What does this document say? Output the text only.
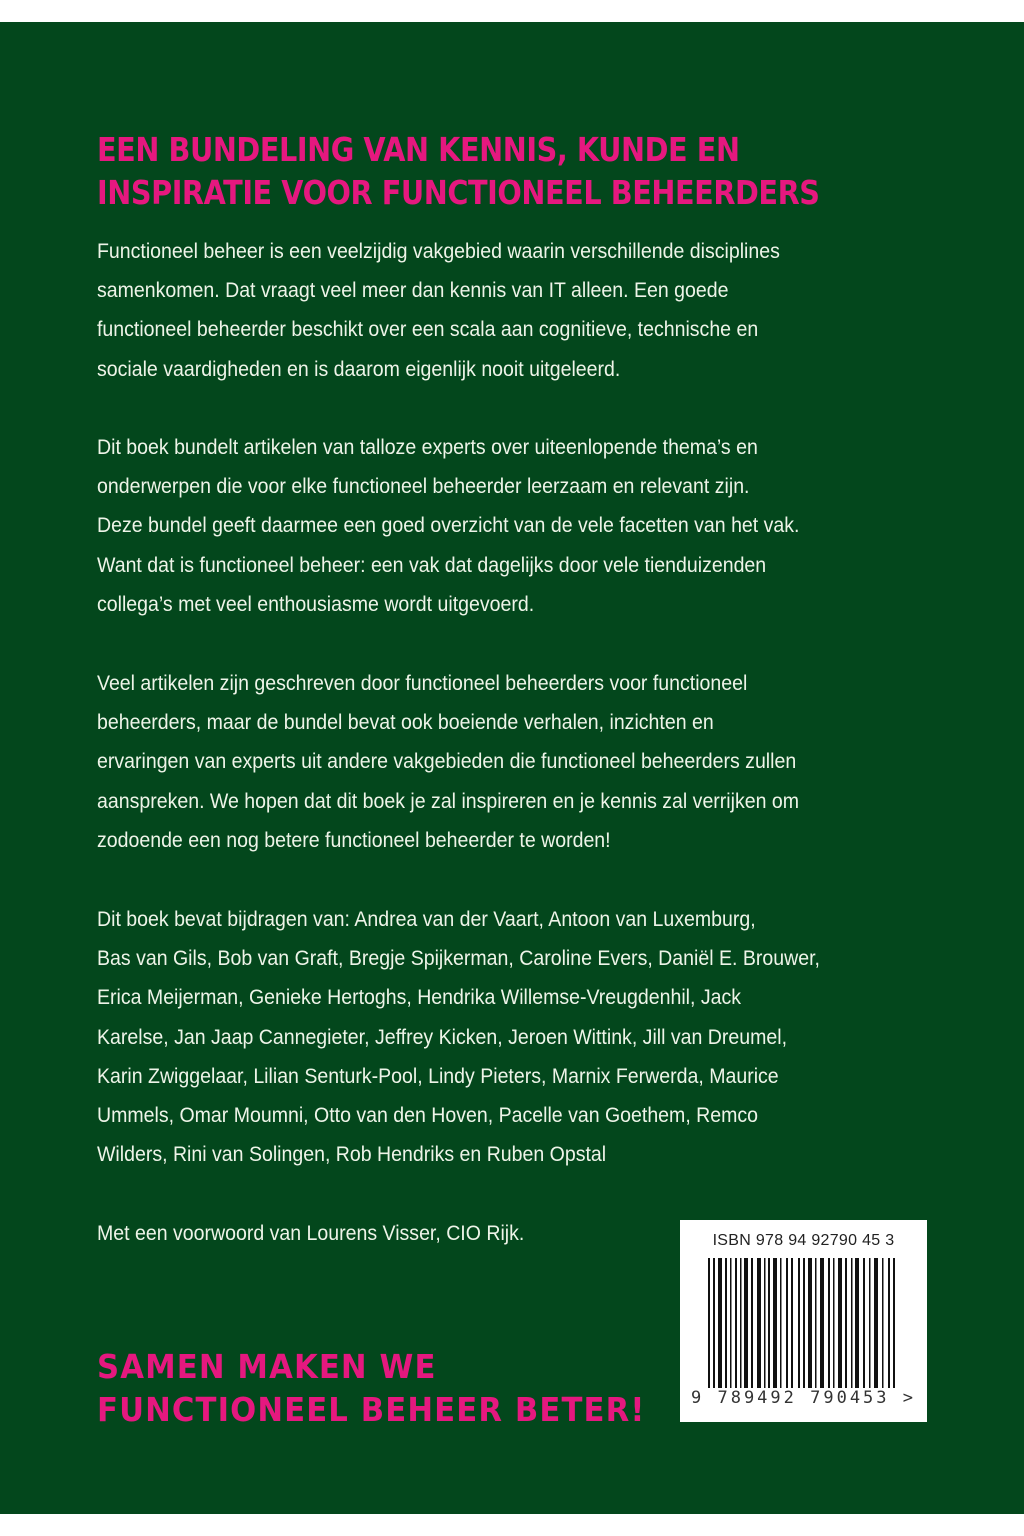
EEN BUNDELING VAN KENNIS, KUNDE EN
INSPIRATIE VOOR FUNCTIONEEL BEHEERDERS

Functioneel beheer is een veelzijdig vakgebied waarin verschillende disciplines
samenkomen. Dat vraagt veel meer dan kennis van IT alleen. Een goede
functioneel beheerder beschikt over een scala aan cognitieve, technische en
sociale vaardigheden en is daarom eigenlijk nooit uitgeleerd.

Dit boek bundelt artikelen van talloze experts over uiteenlopende thema’s en
onderwerpen die voor elke functioneel beheerder leerzaam en relevant zijn.
Deze bundel geeft daarmee een goed overzicht van de vele facetten van het vak.
Want dat is functioneel beheer: een vak dat dagelijks door vele tienduizenden
collega’s met veel enthousiasme wordt uitgevoerd.

Veel artikelen zijn geschreven door functioneel beheerders voor functioneel
beheerders, maar de bundel bevat ook boeiende verhalen, inzichten en
ervaringen van experts uit andere vakgebieden die functioneel beheerders zullen
aanspreken. We hopen dat dit boek je zal inspireren en je kennis zal verrijken om
zodoende een nog betere functioneel beheerder te worden!

Dit boek bevat bijdragen van: Andrea van der Vaart, Antoon van Luxemburg,
Bas van Gils, Bob van Graft, Bregje Spijkerman, Caroline Evers, Daniël E. Brouwer,
Erica Meijerman, Genieke Hertoghs, Hendrika Willemse-Vreugdenhil, Jack
Karelse, Jan Jaap Cannegieter, Jeffrey Kicken, Jeroen Wittink, Jill van Dreumel,
Karin Zwiggelaar, Lilian Senturk-Pool, Lindy Pieters, Marnix Ferwerda, Maurice
Ummels, Omar Moumni, Otto van den Hoven, Pacelle van Goethem, Remco
Wilders, Rini van Solingen, Rob Hendriks en Ruben Opstal

Met een voorwoord van Lourens Visser, CIO Rijk.

SAMEN MAKEN WE
FUNCTIONEEL BEHEER BETER!
ISBN 978 94 92790 45 3
9 789492 790453 >
